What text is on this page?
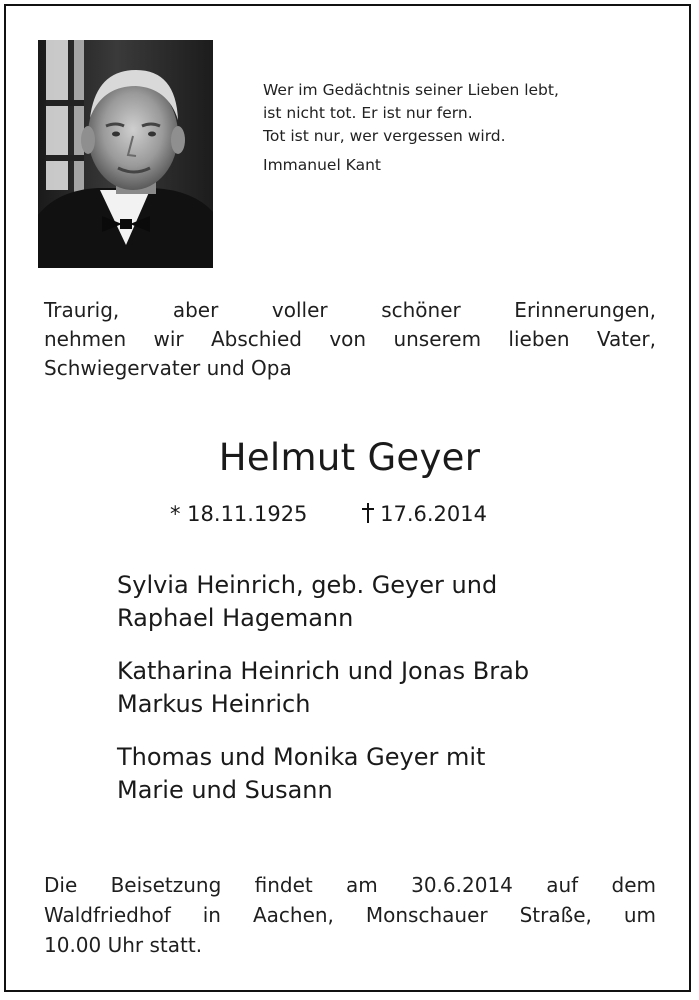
Wer im Gedächtnis seiner Lieben lebt,
ist nicht tot. Er ist nur fern.
Tot ist nur, wer vergessen wird.
Immanuel Kant
Traurig, aber voller schöner Erinnerungen,
nehmen wir Abschied von unserem lieben Vater,
Schwiegervater und Opa
Helmut Geyer
* 18.11.1925	17.6.2014
Sylvia Heinrich, geb. Geyer und
Raphael Hagemann
Katharina Heinrich und Jonas Brab
Markus Heinrich
Thomas und Monika Geyer mit
Marie und Susann
Die Beisetzung findet am 30.6.2014 auf dem
Waldfriedhof in Aachen, Monschauer Straße, um
10.00 Uhr statt.
